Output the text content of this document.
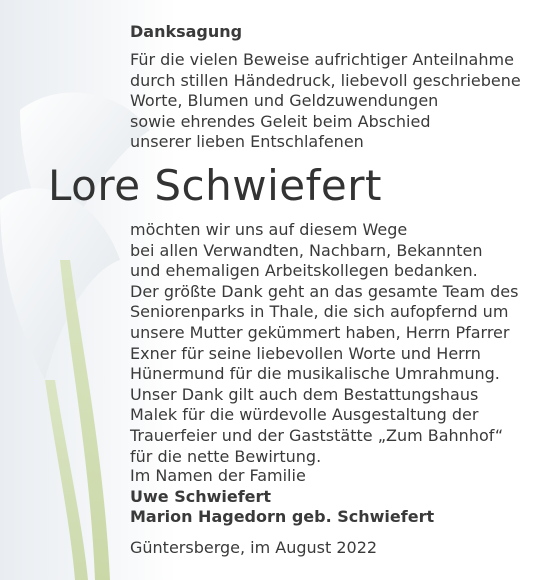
Danksagung

Für die vielen Beweise aufrichtiger Anteilnahme
durch stillen Händedruck, liebevoll geschriebene
Worte, Blumen und Geldzuwendungen
sowie ehrendes Geleit beim Abschied
unserer lieben Entschlafenen

Lore Schwiefert

möchten wir uns auf diesem Wege
bei allen Verwandten, Nachbarn, Bekannten
und ehemaligen Arbeitskollegen bedanken.
Der größte Dank geht an das gesamte Team des
Seniorenparks in Thale, die sich aufopfernd um
unsere Mutter gekümmert haben, Herrn Pfarrer
Exner für seine liebevollen Worte und Herrn
Hünermund für die musikalische Umrahmung.
Unser Dank gilt auch dem Bestattungshaus
Malek für die würdevolle Ausgestaltung der
Trauerfeier und der Gaststätte „Zum Bahnhof“
für die nette Bewirtung.

Im Namen der Familie
Uwe Schwiefert
Marion Hagedorn geb. Schwiefert

Güntersberge, im August 2022
